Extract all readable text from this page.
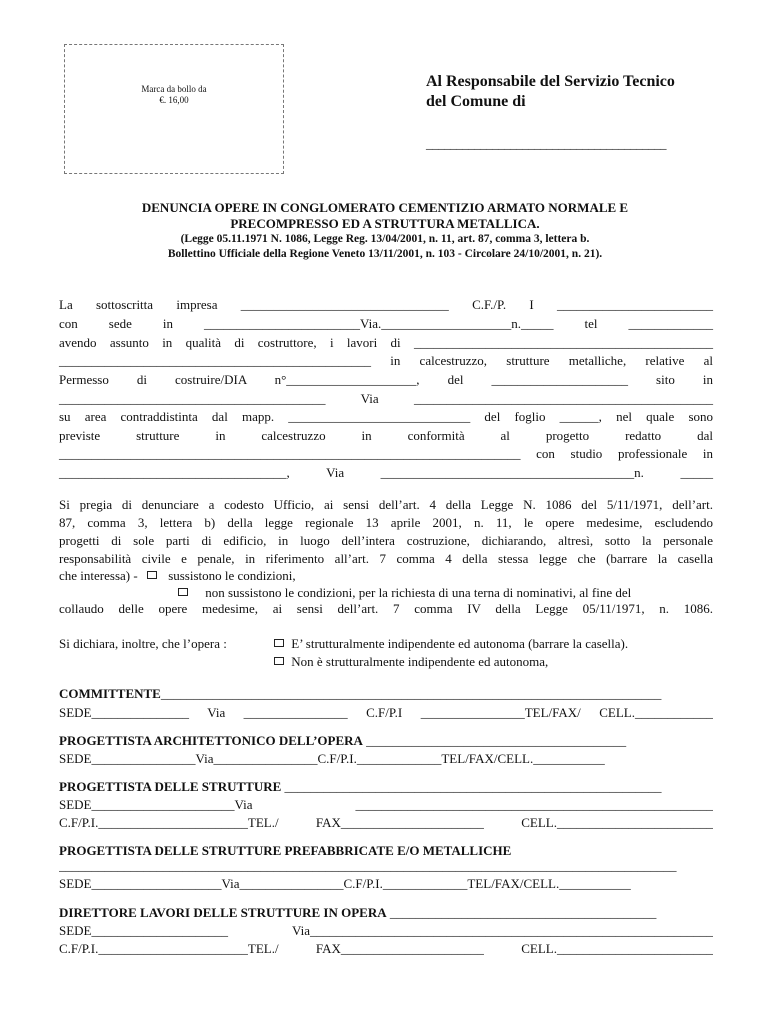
Marca da bollo da
€. 16,00
Al Responsabile del Servizio Tecnico
del Comune di
________________________________________
DENUNCIA OPERE IN CONGLOMERATO CEMENTIZIO ARMATO NORMALE E
PRECOMPRESSO ED A STRUTTURA METALLICA.
(Legge 05.11.1971 N. 1086, Legge Reg. 13/04/2001, n. 11, art. 87, comma 3, lettera b.
Bollettino Ufficiale della Regione Veneto 13/11/2001, n. 103 - Circolare 24/10/2001, n. 21).
La sottoscritta impresa ________________________________ C.F./P. I ________________________
con sede in ________________________Via.____________________n._____ tel _____________
avendo assunto in qualità di costruttore, i lavori di ______________________________________________
________________________________________________ in calcestruzzo, strutture metalliche, relative al
Permesso di costruire/DIA n°____________________, del _____________________ sito in
_________________________________________ Via ______________________________________________
su area contraddistinta dal mapp. ____________________________ del foglio ______, nel quale sono
previste strutture in calcestruzzo in conformità al progetto redatto dal
_______________________________________________________________________ con studio professionale in
___________________________________, Via _______________________________________n. _____
Si pregia di denunciare a codesto Ufficio, ai sensi dell’art. 4 della Legge N. 1086 del 5/11/1971, dell’art.
87, comma 3, lettera b) della legge regionale 13 aprile 2001, n. 11, le opere medesime, escludendo
progetti di sole parti di edificio, in luogo dell’intera costruzione, dichiarando, altresì, sotto la personale
responsabilità civile e penale, in riferimento all’art. 7 comma 4 della stessa legge che (barrare la casella
che interessa) - sussistono le condizioni,
non sussistono le condizioni, per la richiesta di una terna di nominativi, al fine del
collaudo delle opere medesime, ai sensi dell’art. 7 comma IV della Legge 05/11/1971, n. 1086.
Si dichiara, inoltre, che l’opera :	E’ strutturalmente indipendente ed autonoma (barrare la casella).
Non è strutturalmente indipendente ed autonoma,
COMMITTENTE_____________________________________________________________________________
SEDE_______________ Via ________________ C.F/P.I ________________TEL/FAX/ CELL.____________
PROGETTISTA ARCHITETTONICO DELL’OPERA ________________________________________
SEDE________________Via________________C.F/P.I._____________TEL/FAX/CELL.___________
PROGETTISTA DELLE STRUTTURE __________________________________________________________
SEDE______________________Via _______________________________________________________
C.F/P.I._______________________TEL./ FAX______________________ CELL.________________________
PROGETTISTA DELLE STRUTTURE PREFABBRICATE E/O METALLICHE
_______________________________________________________________________________________________
SEDE____________________Via________________C.F/P.I._____________TEL/FAX/CELL.___________
DIRETTORE LAVORI DELLE STRUTTURE IN OPERA _________________________________________
SEDE_____________________ Via______________________________________________________________
C.F/P.I._______________________TEL./ FAX______________________ CELL.________________________
